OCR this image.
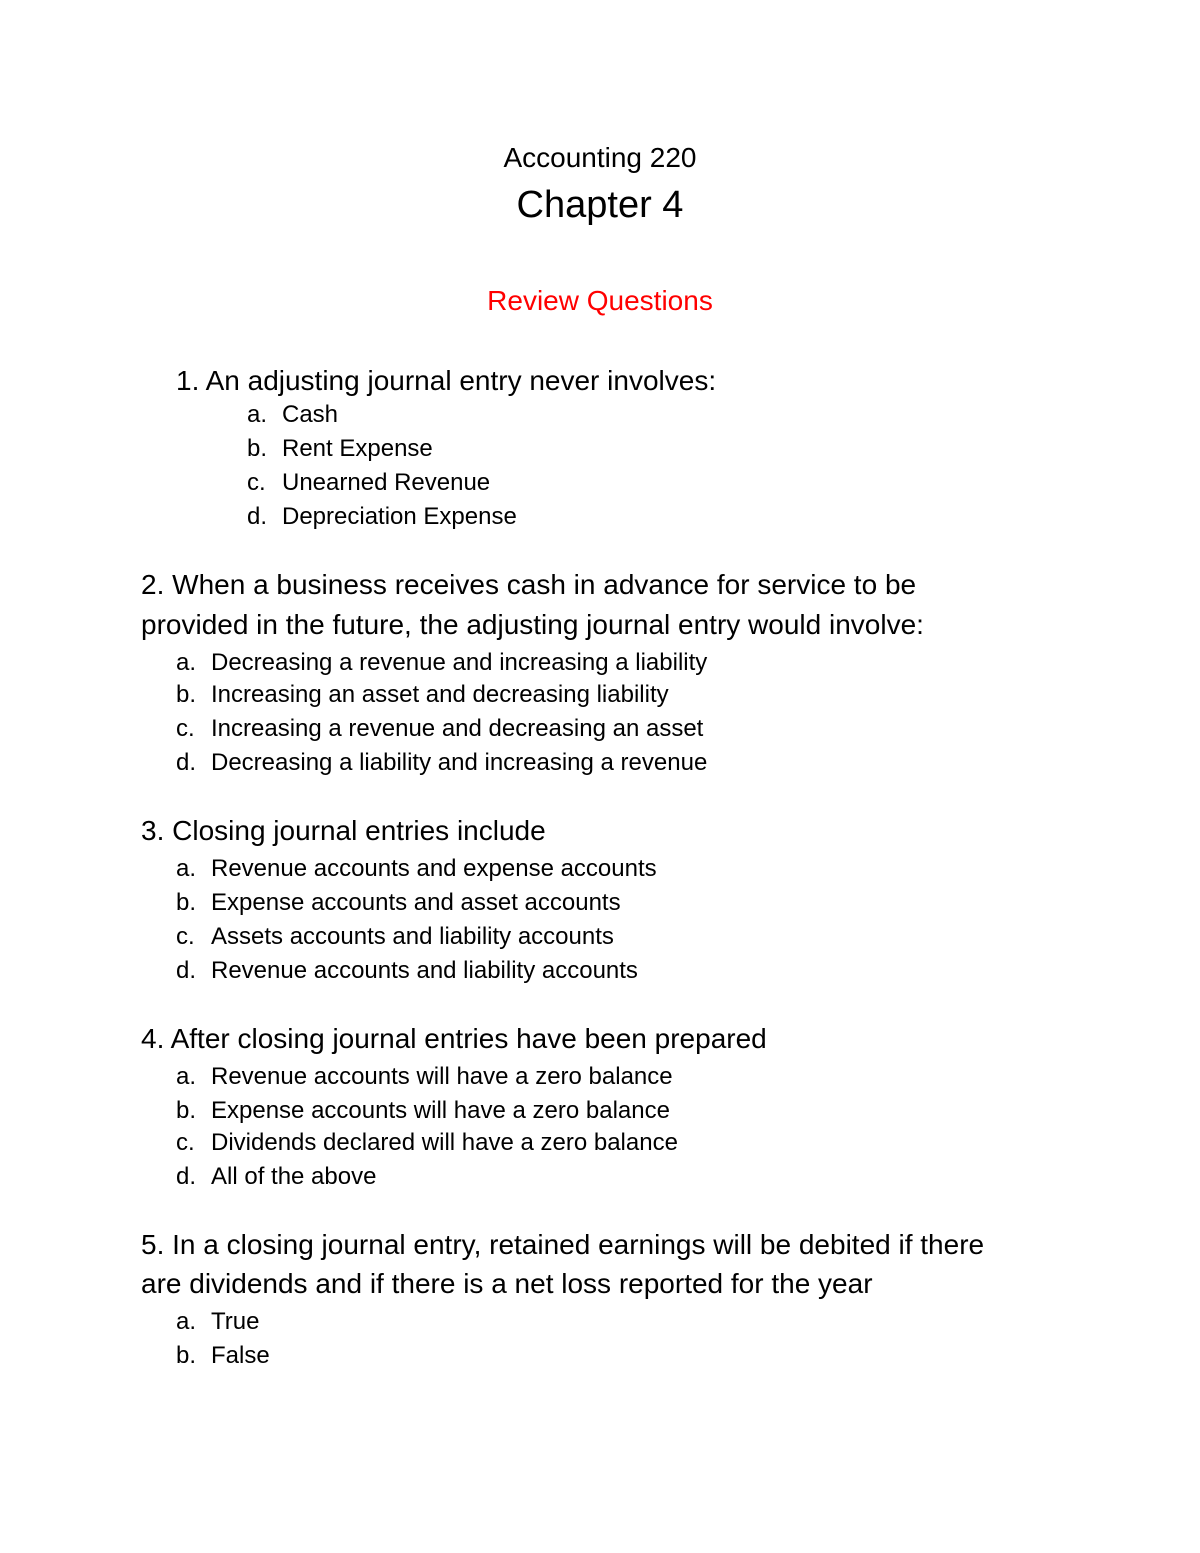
Accounting 220
Chapter 4
Review Questions
1. An adjusting journal entry never involves:
a. Cash
b. Rent Expense
c. Unearned Revenue
d. Depreciation Expense
2. When a business receives cash in advance for service to be
provided in the future, the adjusting journal entry would involve:
a. Decreasing a revenue and increasing a liability
b. Increasing an asset and decreasing liability
c. Increasing a revenue and decreasing an asset
d. Decreasing a liability and increasing a revenue
3. Closing journal entries include
a. Revenue accounts and expense accounts
b. Expense accounts and asset accounts
c. Assets accounts and liability accounts
d. Revenue accounts and liability accounts
4. After closing journal entries have been prepared
a. Revenue accounts will have a zero balance
b. Expense accounts will have a zero balance
c. Dividends declared will have a zero balance
d. All of the above
5. In a closing journal entry, retained earnings will be debited if there
are dividends and if there is a net loss reported for the year
a. True
b. False
